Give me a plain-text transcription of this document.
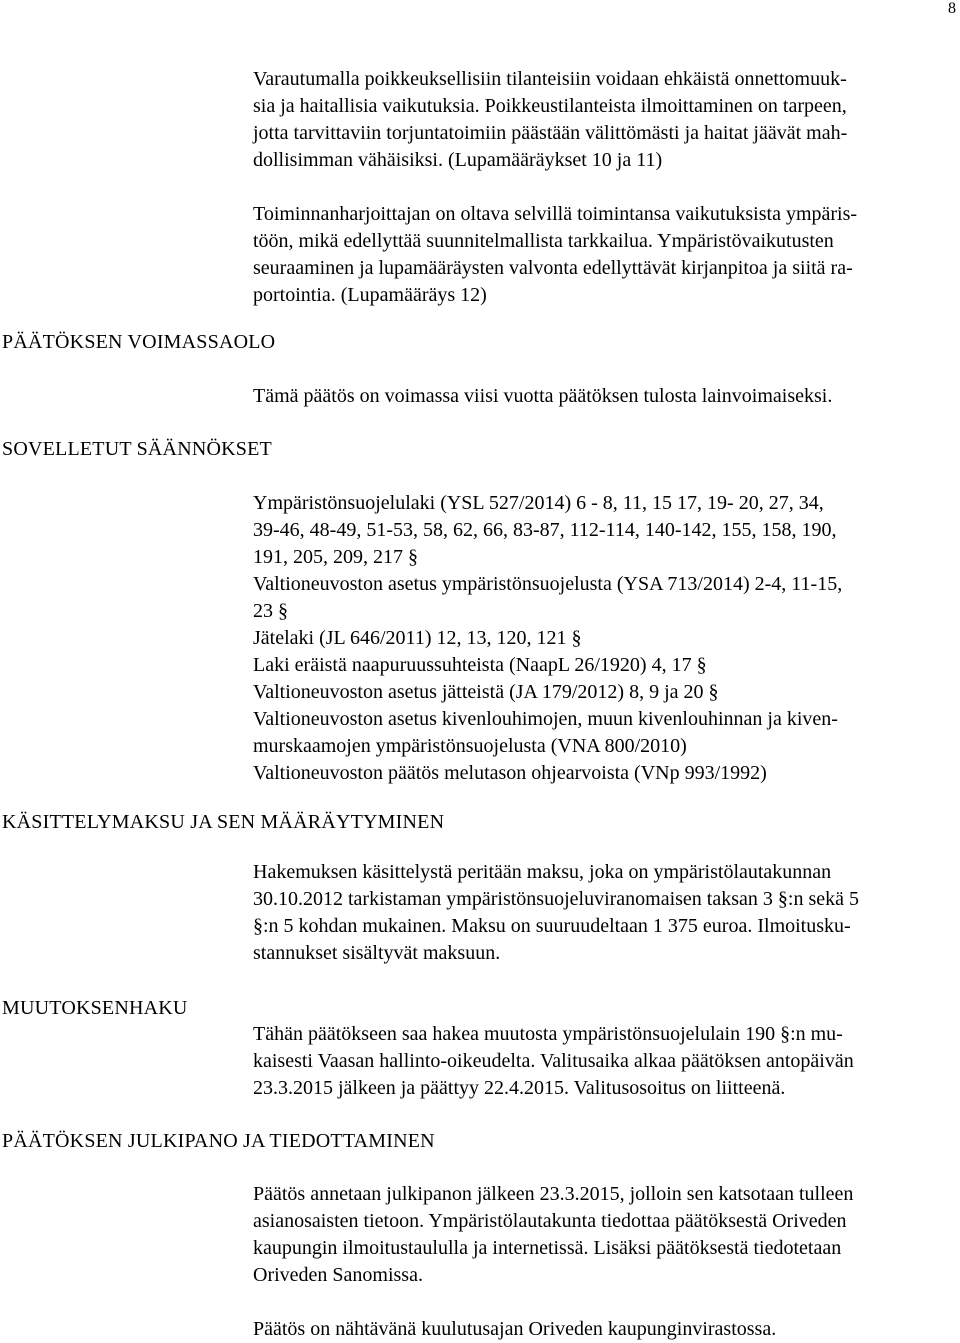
8
Varautumalla poikkeuksellisiin tilanteisiin voidaan ehkäistä onnettomuuk-
sia ja haitallisia vaikutuksia. Poikkeustilanteista ilmoittaminen on tarpeen,
jotta tarvittaviin torjuntatoimiin päästään välittömästi ja haitat jäävät mah-
dollisimman vähäisiksi. (Lupamääräykset 10 ja 11)
Toiminnanharjoittajan on oltava selvillä toimintansa vaikutuksista ympäris-
töön, mikä edellyttää suunnitelmallista tarkkailua. Ympäristövaikutusten
seuraaminen ja lupamääräysten valvonta edellyttävät kirjanpitoa ja siitä ra-
portointia. (Lupamääräys 12)
PÄÄTÖKSEN VOIMASSAOLO
Tämä päätös on voimassa viisi vuotta päätöksen tulosta lainvoimaiseksi.
SOVELLETUT SÄÄNNÖKSET
Ympäristönsuojelulaki (YSL 527/2014) 6 - 8, 11, 15 17, 19- 20, 27, 34,
39-46, 48-49, 51-53, 58, 62, 66, 83-87, 112-114, 140-142, 155, 158, 190,
191, 205, 209, 217 §
Valtioneuvoston asetus ympäristönsuojelusta (YSA 713/2014) 2-4, 11-15,
23 §
Jätelaki (JL 646/2011) 12, 13, 120, 121 §
Laki eräistä naapuruussuhteista (NaapL 26/1920) 4, 17 §
Valtioneuvoston asetus jätteistä (JA 179/2012) 8, 9 ja 20 §
Valtioneuvoston asetus kivenlouhimojen, muun kivenlouhinnan ja kiven-
murskaamojen ympäristönsuojelusta (VNA 800/2010)
Valtioneuvoston päätös melutason ohjearvoista (VNp 993/1992)
KÄSITTELYMAKSU JA SEN MÄÄRÄYTYMINEN
Hakemuksen käsittelystä peritään maksu, joka on ympäristölautakunnan
30.10.2012 tarkistaman ympäristönsuojeluviranomaisen taksan 3 §:n sekä 5
§:n 5 kohdan mukainen. Maksu on suuruudeltaan 1 375 euroa. Ilmoitusku-
stannukset sisältyvät maksuun.
MUUTOKSENHAKU
Tähän päätökseen saa hakea muutosta ympäristönsuojelulain 190 §:n mu-
kaisesti Vaasan hallinto-oikeudelta. Valitusaika alkaa päätöksen antopäivän
23.3.2015 jälkeen ja päättyy 22.4.2015. Valitusosoitus on liitteenä.
PÄÄTÖKSEN JULKIPANO JA TIEDOTTAMINEN
Päätös annetaan julkipanon jälkeen 23.3.2015, jolloin sen katsotaan tulleen
asianosaisten tietoon. Ympäristölautakunta tiedottaa päätöksestä Oriveden
kaupungin ilmoitustaululla ja internetissä. Lisäksi päätöksestä tiedotetaan
Oriveden Sanomissa.
Päätös on nähtävänä kuulutusajan Oriveden kaupunginvirastossa.
